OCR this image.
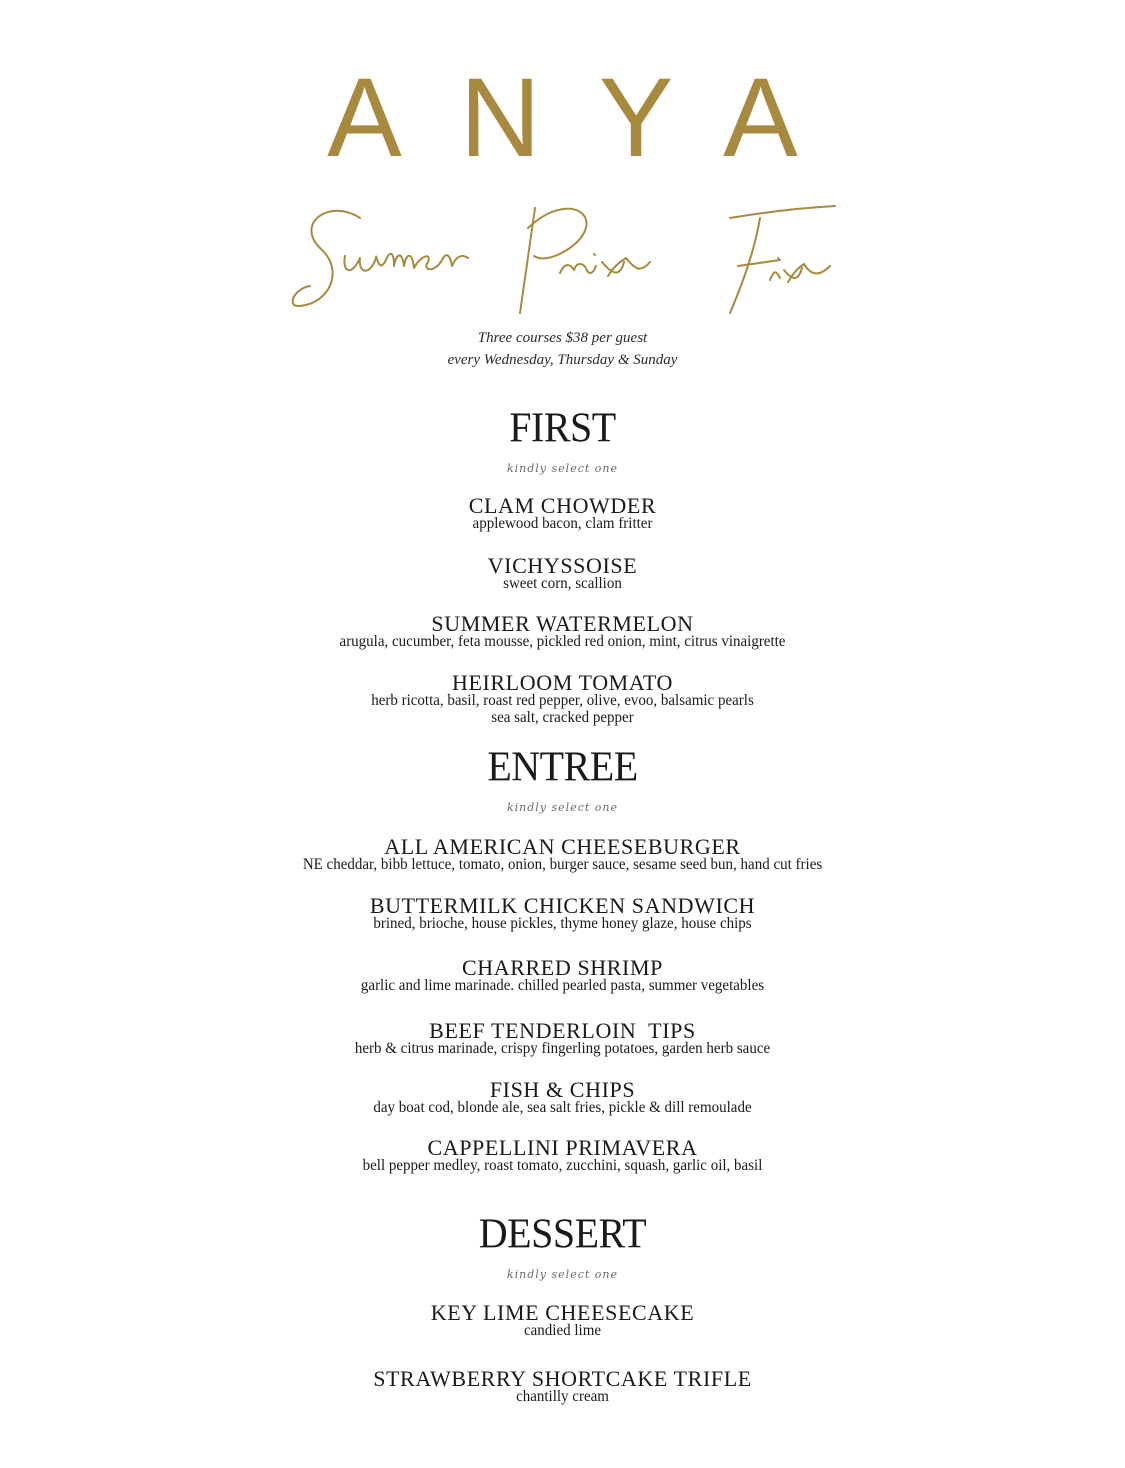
ANYA
Summer Prixe Fixe
Three courses $38 per guest
every Wednesday, Thursday & Sunday
FIRST
kindly select one
CLAM CHOWDER
applewood bacon, clam fritter
VICHYSSOISE
sweet corn, scallion
SUMMER WATERMELON
arugula, cucumber, feta mousse, pickled red onion, mint, citrus vinaigrette
HEIRLOOM TOMATO
herb ricotta, basil, roast red pepper, olive, evoo, balsamic pearls
sea salt, cracked pepper
ENTREE
kindly select one
ALL AMERICAN CHEESEBURGER
NE cheddar, bibb lettuce, tomato, onion, burger sauce, sesame seed bun, hand cut fries
BUTTERMILK CHICKEN SANDWICH
brined, brioche, house pickles, thyme honey glaze, house chips
CHARRED SHRIMP
garlic and lime marinade. chilled pearled pasta, summer vegetables
BEEF TENDERLOIN  TIPS
herb & citrus marinade, crispy fingerling potatoes, garden herb sauce
FISH & CHIPS
day boat cod, blonde ale, sea salt fries, pickle & dill remoulade
CAPPELLINI PRIMAVERA
bell pepper medley, roast tomato, zucchini, squash, garlic oil, basil
DESSERT
kindly select one
KEY LIME CHEESECAKE
candied lime
STRAWBERRY SHORTCAKE TRIFLE
chantilly cream
